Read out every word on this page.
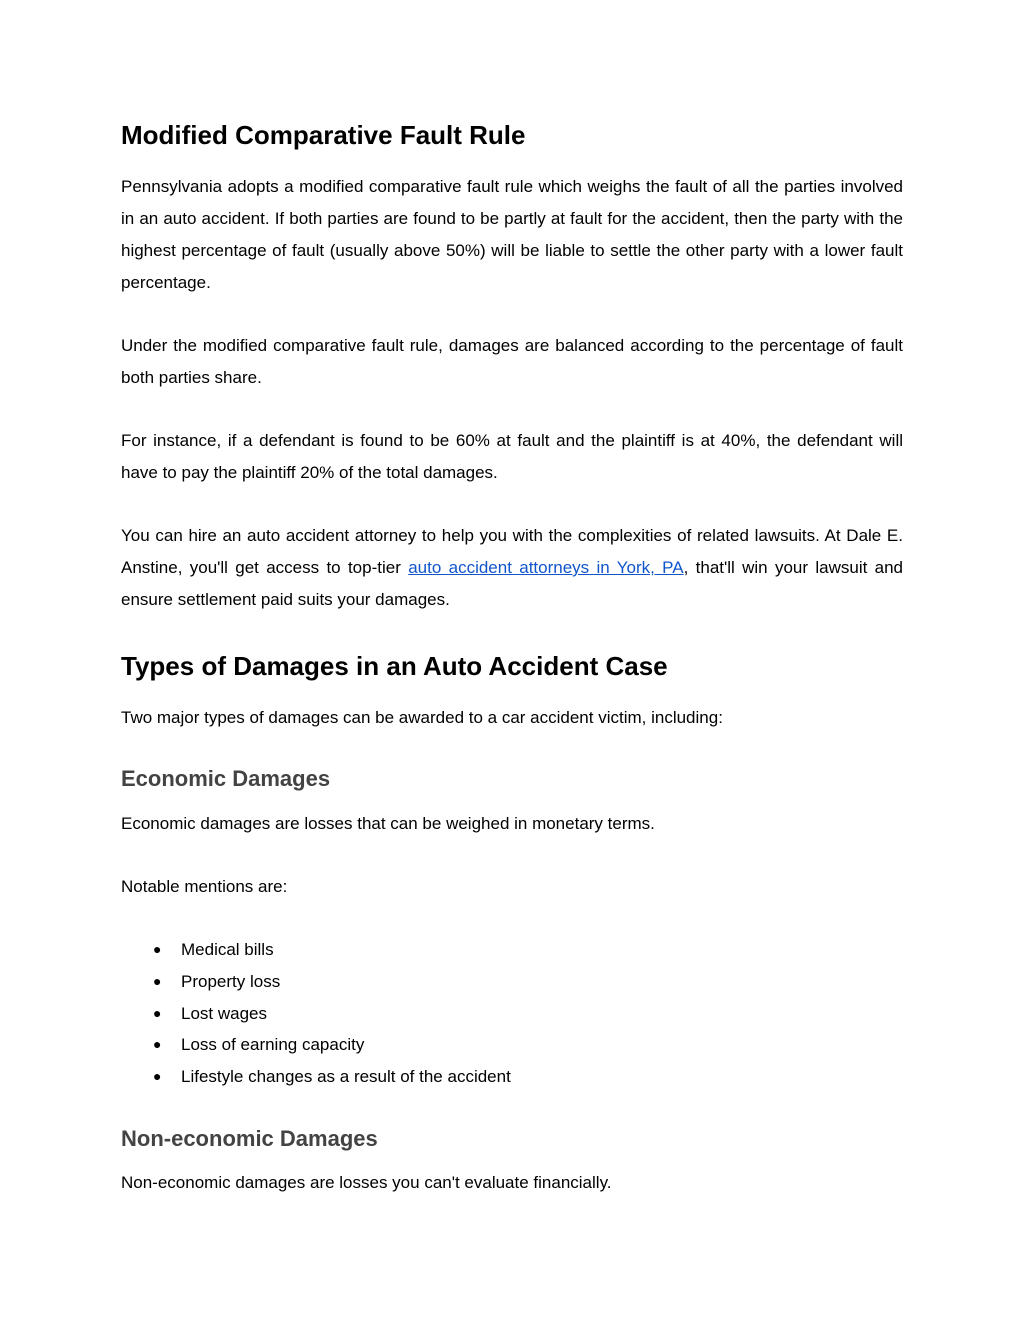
Modified Comparative Fault Rule

Pennsylvania adopts a modified comparative fault rule which weighs the fault of all the parties involved in an auto accident. If both parties are found to be partly at fault for the accident, then the party with the highest percentage of fault (usually above 50%) will be liable to settle the other party with a lower fault percentage.

Under the modified comparative fault rule, damages are balanced according to the percentage of fault both parties share.

For instance, if a defendant is found to be 60% at fault and the plaintiff is at 40%, the defendant will have to pay the plaintiff 20% of the total damages.

You can hire an auto accident attorney to help you with the complexities of related lawsuits. At Dale E. Anstine, you'll get access to top-tier auto accident attorneys in York, PA, that'll win your lawsuit and ensure settlement paid suits your damages.

Types of Damages in an Auto Accident Case

Two major types of damages can be awarded to a car accident victim, including:

Economic Damages

Economic damages are losses that can be weighed in monetary terms.

Notable mentions are:

● Medical bills
● Property loss
● Lost wages
● Loss of earning capacity
● Lifestyle changes as a result of the accident
Non-economic Damages

Non-economic damages are losses you can't evaluate financially.
